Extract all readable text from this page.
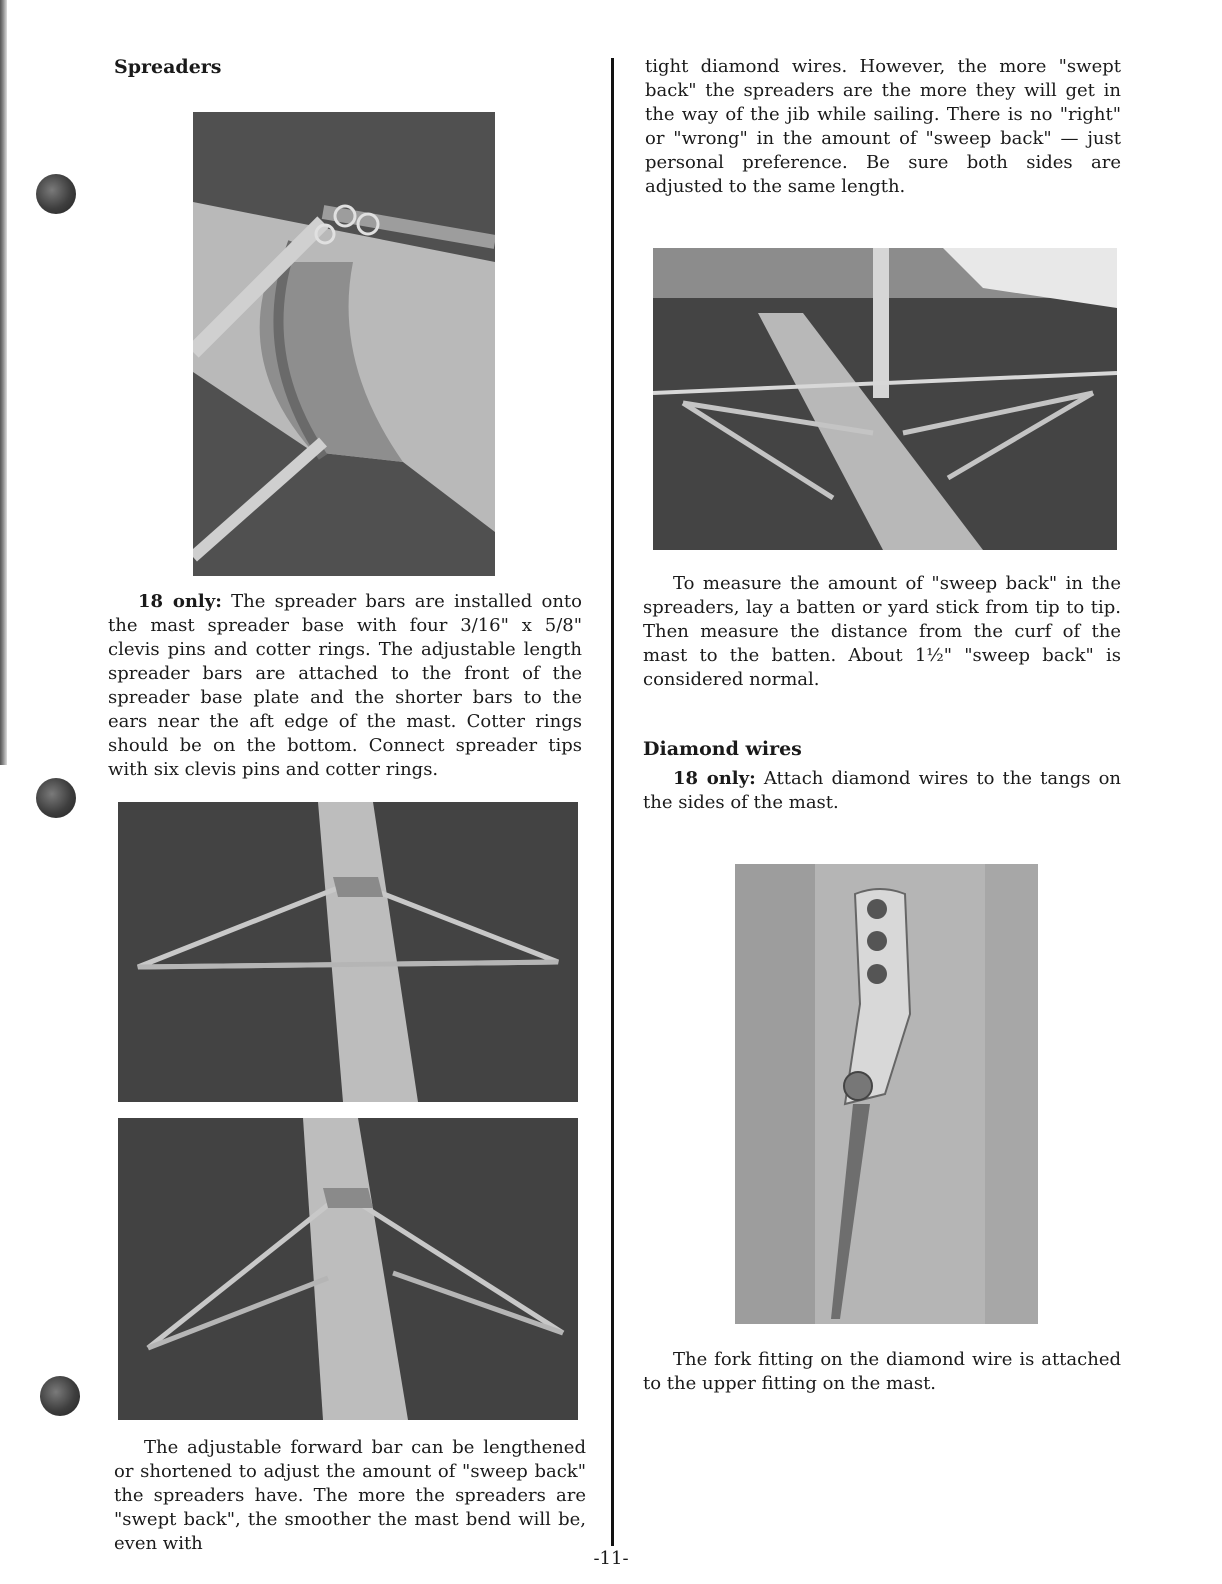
Spreaders

18 only: The spreader bars are installed onto the mast spreader base with four 3/16" x 5/8" clevis pins and cotter rings. The adjustable length spreader bars are attached to the front of the spreader base plate and the shorter bars to the ears near the aft edge of the mast. Cotter rings should be on the bottom. Connect spreader tips with six clevis pins and cotter rings.

The adjustable forward bar can be lengthened or shortened to adjust the amount of "sweep back" the spreaders have. The more the spreaders are "swept back", the smoother the mast bend will be, even with

tight diamond wires. However, the more "swept back" the spreaders are the more they will get in the way of the jib while sailing. There is no "right" or "wrong" in the amount of "sweep back" — just personal preference. Be sure both sides are adjusted to the same length.

To measure the amount of "sweep back" in the spreaders, lay a batten or yard stick from tip to tip. Then measure the distance from the curf of the mast to the batten. About 1½" "sweep back" is considered normal.

Diamond wires

18 only: Attach diamond wires to the tangs on the sides of the mast.

The fork fitting on the diamond wire is attached to the upper fitting on the mast.

-11-
